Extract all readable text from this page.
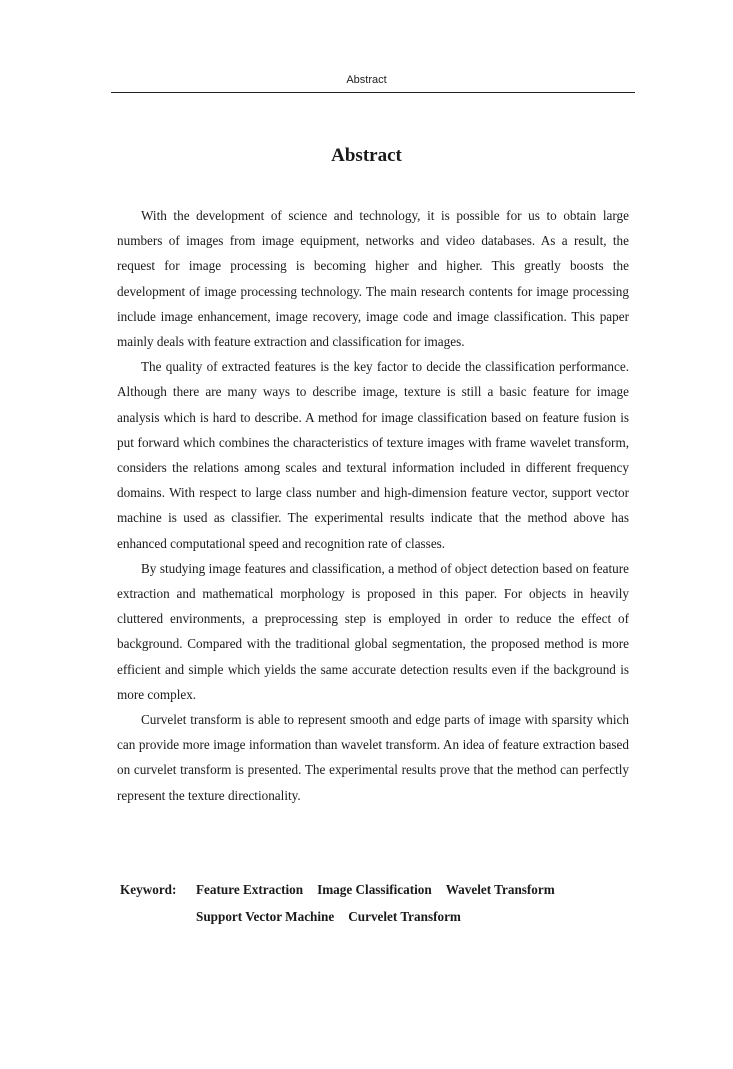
Abstract
Abstract

With the development of science and technology, it is possible for us to obtain large numbers of images from image equipment, networks and video databases. As a result, the request for image processing is becoming higher and higher. This greatly boosts the development of image processing technology. The main research contents for image processing include image enhancement, image recovery, image code and image classification. This paper mainly deals with feature extraction and classification for images.

The quality of extracted features is the key factor to decide the classification performance. Although there are many ways to describe image, texture is still a basic feature for image analysis which is hard to describe. A method for image classification based on feature fusion is put forward which combines the characteristics of texture images with frame wavelet transform, considers the relations among scales and textural information included in different frequency domains. With respect to large class number and high-dimension feature vector, support vector machine is used as classifier. The experimental results indicate that the method above has enhanced computational speed and recognition rate of classes.

By studying image features and classification, a method of object detection based on feature extraction and mathematical morphology is proposed in this paper. For objects in heavily cluttered environments, a preprocessing step is employed in order to reduce the effect of background. Compared with the traditional global segmentation, the proposed method is more efficient and simple which yields the same accurate detection results even if the background is more complex.

Curvelet transform is able to represent smooth and edge parts of image with sparsity which can provide more image information than wavelet transform. An idea of feature extraction based on curvelet transform is presented. The experimental results prove that the method can perfectly represent the texture directionality.

Keyword:	Feature Extraction Image Classification Wavelet Transform
Support Vector Machine Curvelet Transform
